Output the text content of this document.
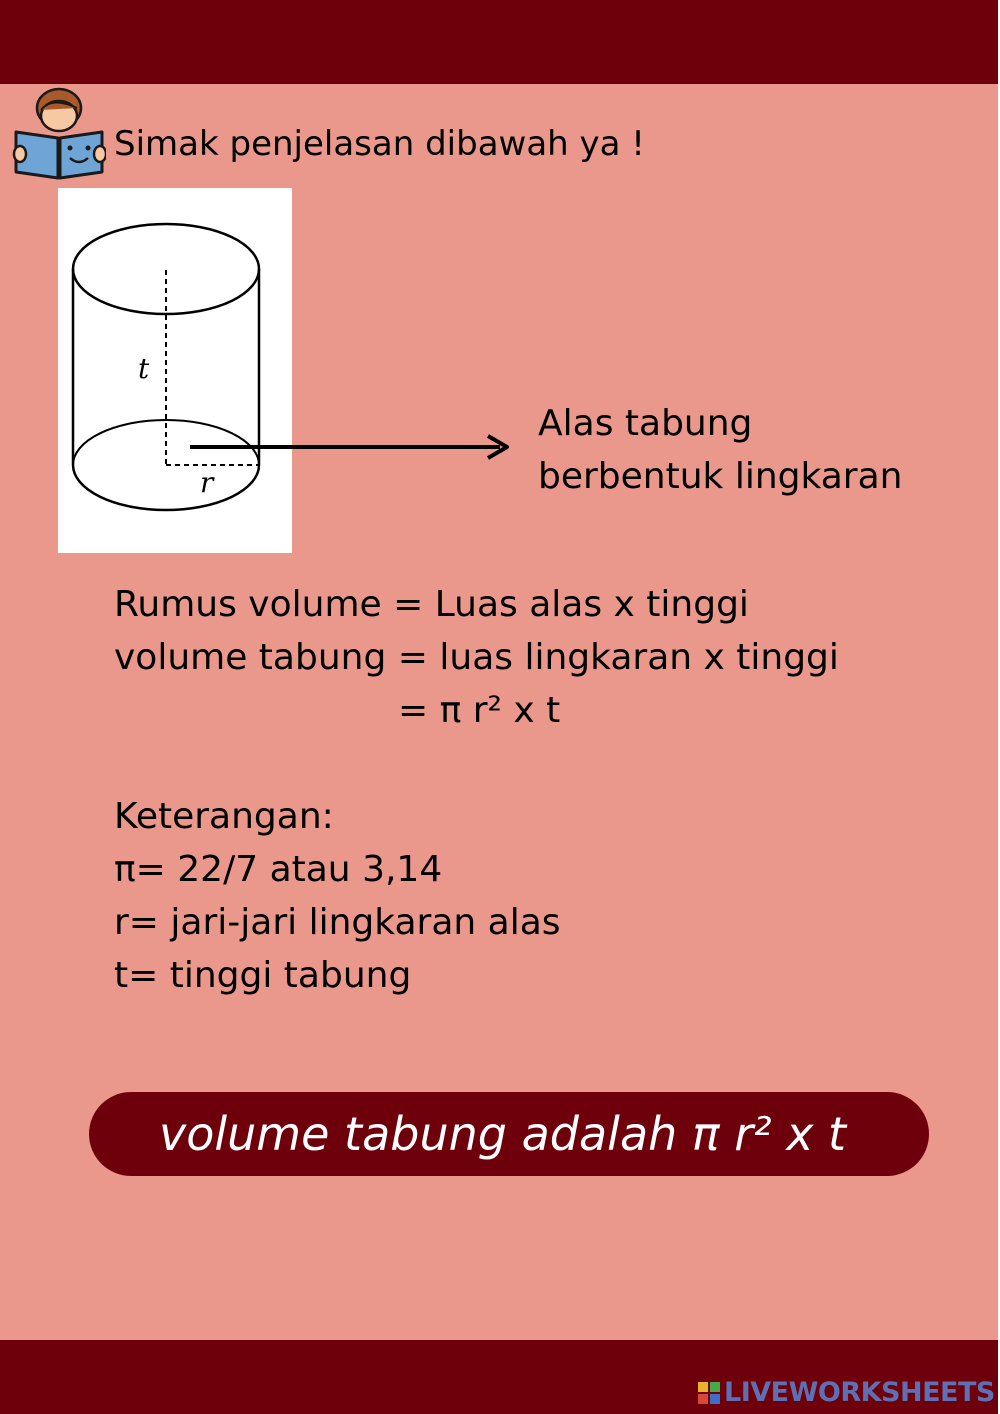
Simak penjelasan dibawah ya !
t
r
Alas tabung
berbentuk lingkaran
Rumus volume = Luas alas x tinggi
volume tabung = luas lingkaran x tinggi
= π r² x t
Keterangan:
π= 22/7 atau 3,14
r= jari-jari lingkaran alas
t= tinggi tabung
volume tabung adalah π r² x t
LIVEWORKSHEETS
